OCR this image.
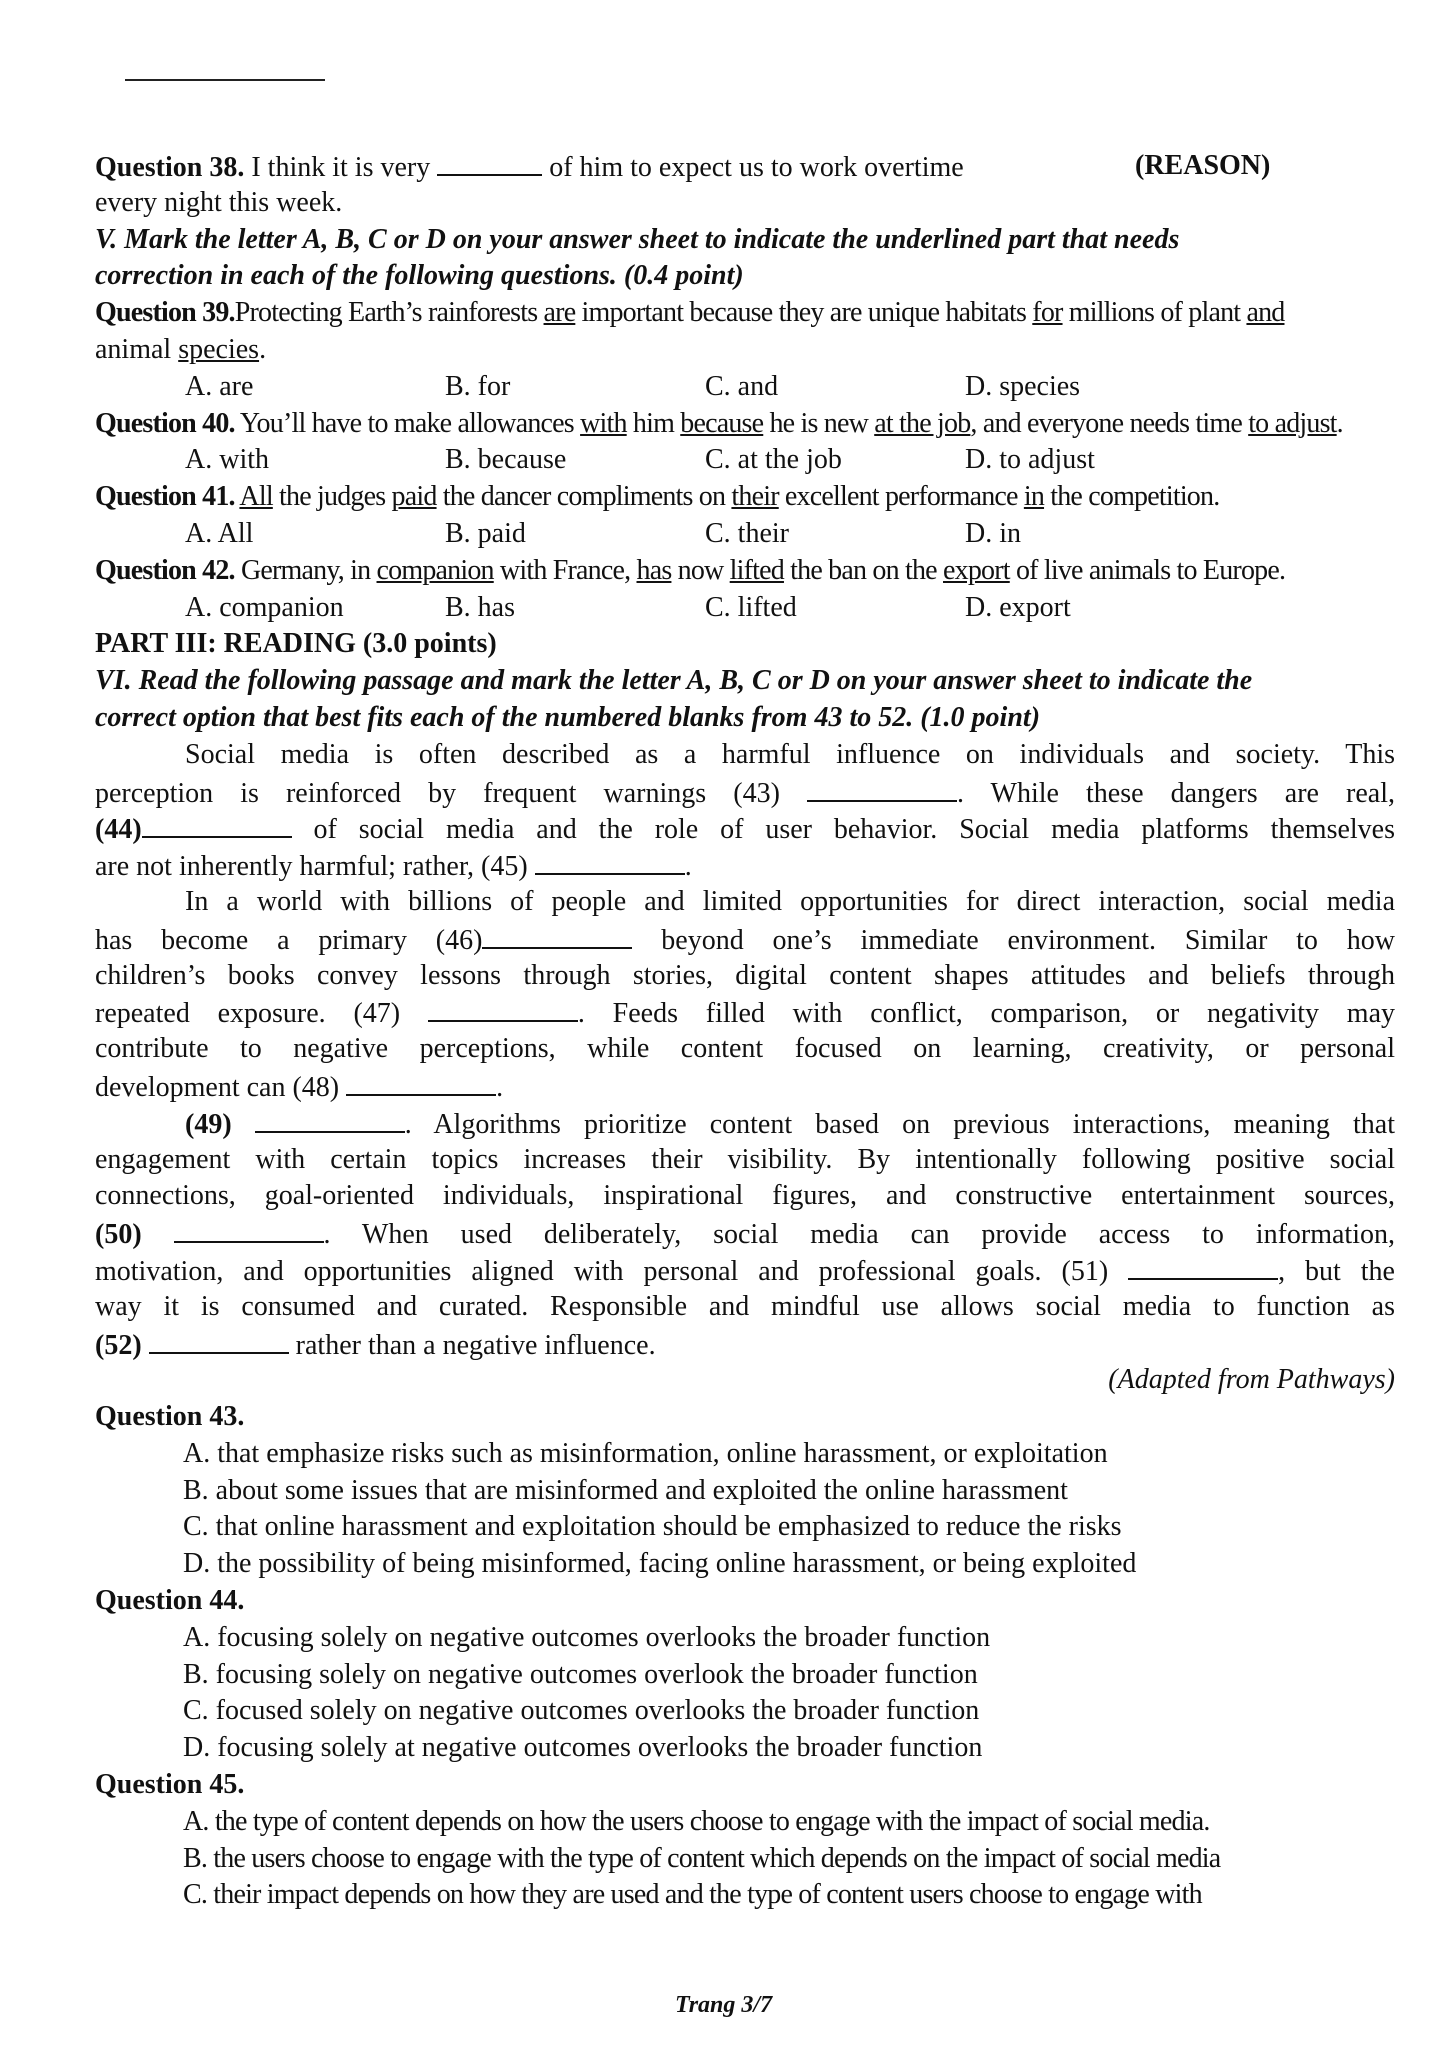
Question 38. I think it is very	of him to expect us to work overtime	(REASON)
every night this week.
V. Mark the letter A, B, C or D on your answer sheet to indicate the underlined part that needs
correction in each of the following questions. (0.4 point)
Question 39.Protecting Earth’s rainforests are important because they are unique habitats for millions of plant and
animal species.
A. are	B. for	C. and	D. species
Question 40. You’ll have to make allowances with him because he is new at the job, and everyone needs time to adjust.
A. with	B. because	C. at the job	D. to adjust
Question 41. All the judges paid the dancer compliments on their excellent performance in the competition.
A. All	B. paid	C. their	D. in
Question 42. Germany, in companion with France, has now lifted the ban on the export of live animals to Europe.
A. companion	B. has	C. lifted	D. export
PART III: READING (3.0 points)
VI. Read the following passage and mark the letter A, B, C or D on your answer sheet to indicate the
correct option that best fits each of the numbered blanks from 43 to 52. (1.0 point)
Social media is often described as a harmful influence on individuals and society. This
perception is reinforced by frequent warnings (43)	. While these dangers are real,
(44)	of social media and the role of user behavior. Social media platforms themselves
are not inherently harmful; rather, (45)	.
In a world with billions of people and limited opportunities for direct interaction, social media
has become a primary (46)	beyond one’s immediate environment. Similar to how
children’s books convey lessons through stories, digital content shapes attitudes and beliefs through
repeated exposure. (47)	. Feeds filled with conflict, comparison, or negativity may
contribute to negative perceptions, while content focused on learning, creativity, or personal
development can (48)	.
(49)	. Algorithms prioritize content based on previous interactions, meaning that
engagement with certain topics increases their visibility. By intentionally following positive social
connections, goal-oriented individuals, inspirational figures, and constructive entertainment sources,
(50)	. When used deliberately, social media can provide access to information,
motivation, and opportunities aligned with personal and professional goals. (51)	, but the
way it is consumed and curated. Responsible and mindful use allows social media to function as
(52)	rather than a negative influence.
(Adapted from Pathways)
Question 43.
A. that emphasize risks such as misinformation, online harassment, or exploitation
B. about some issues that are misinformed and exploited the online harassment
C. that online harassment and exploitation should be emphasized to reduce the risks
D. the possibility of being misinformed, facing online harassment, or being exploited
Question 44.
A. focusing solely on negative outcomes overlooks the broader function
B. focusing solely on negative outcomes overlook the broader function
C. focused solely on negative outcomes overlooks the broader function
D. focusing solely at negative outcomes overlooks the broader function
Question 45.
A. the type of content depends on how the users choose to engage with the impact of social media.
B. the users choose to engage with the type of content which depends on the impact of social media
C. their impact depends on how they are used and the type of content users choose to engage with
Trang 3/7
